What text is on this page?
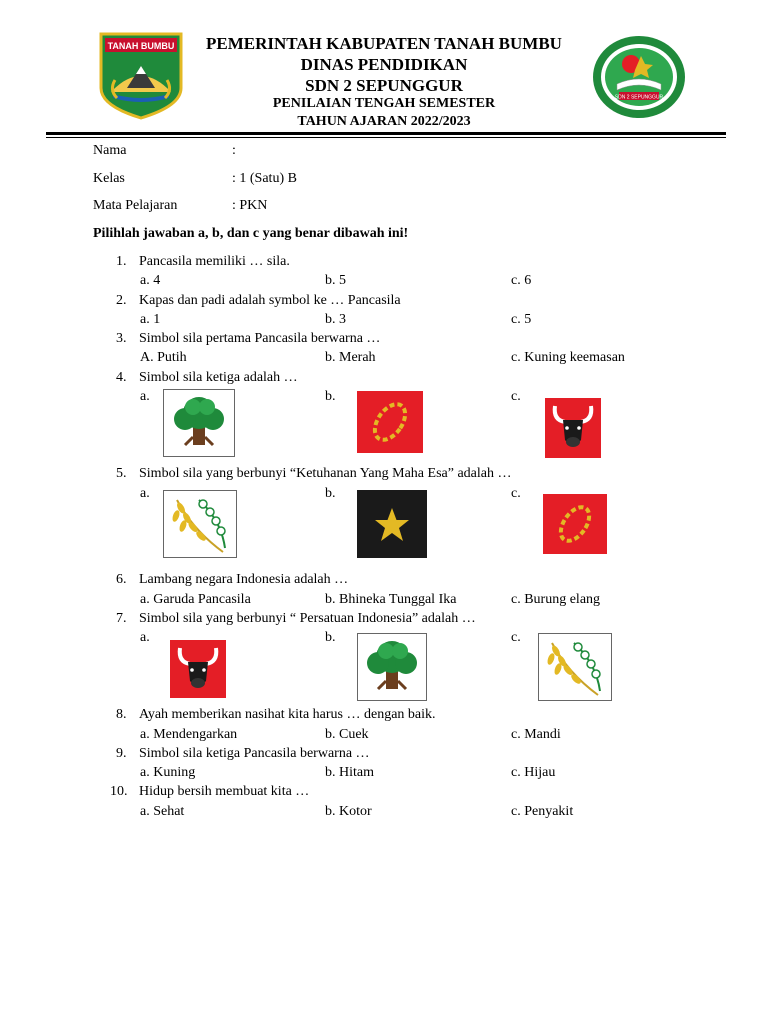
TANAH BUMBU
SDN 2 SEPUNGGUR
PEMERINTAH KABUPATEN TANAH BUMBU
DINAS PENDIDIKAN
SDN 2 SEPUNGGUR
PENILAIAN TENGAH SEMESTER
TAHUN AJARAN 2022/2023
Nama	:
Kelas	: 1 (Satu) B
Mata Pelajaran	: PKN
Pilihlah jawaban a, b, dan c yang benar dibawah ini!
1. Pancasila memiliki … sila.
a. 4	b. 5	c. 6
2. Kapas dan padi adalah symbol ke … Pancasila
a. 1	b. 3	c. 5
3. Simbol sila pertama Pancasila berwarna …
A. Putih	b. Merah	c. Kuning keemasan
4. Simbol sila ketiga adalah …
a.	b.	c.
5. Simbol sila yang berbunyi “Ketuhanan Yang Maha Esa” adalah …
a.	b.	c.
6. Lambang negara Indonesia adalah …
a. Garuda Pancasila	b. Bhineka Tunggal Ika	c. Burung elang
7. Simbol sila yang berbunyi “ Persatuan Indonesia” adalah …
a.	b.	c.
8. Ayah memberikan nasihat kita harus … dengan baik.
a. Mendengarkan	b. Cuek	c. Mandi
9. Simbol sila ketiga Pancasila berwarna …
a. Kuning	b. Hitam	c. Hijau
10. Hidup bersih membuat kita …
a. Sehat	b. Kotor	c. Penyakit
